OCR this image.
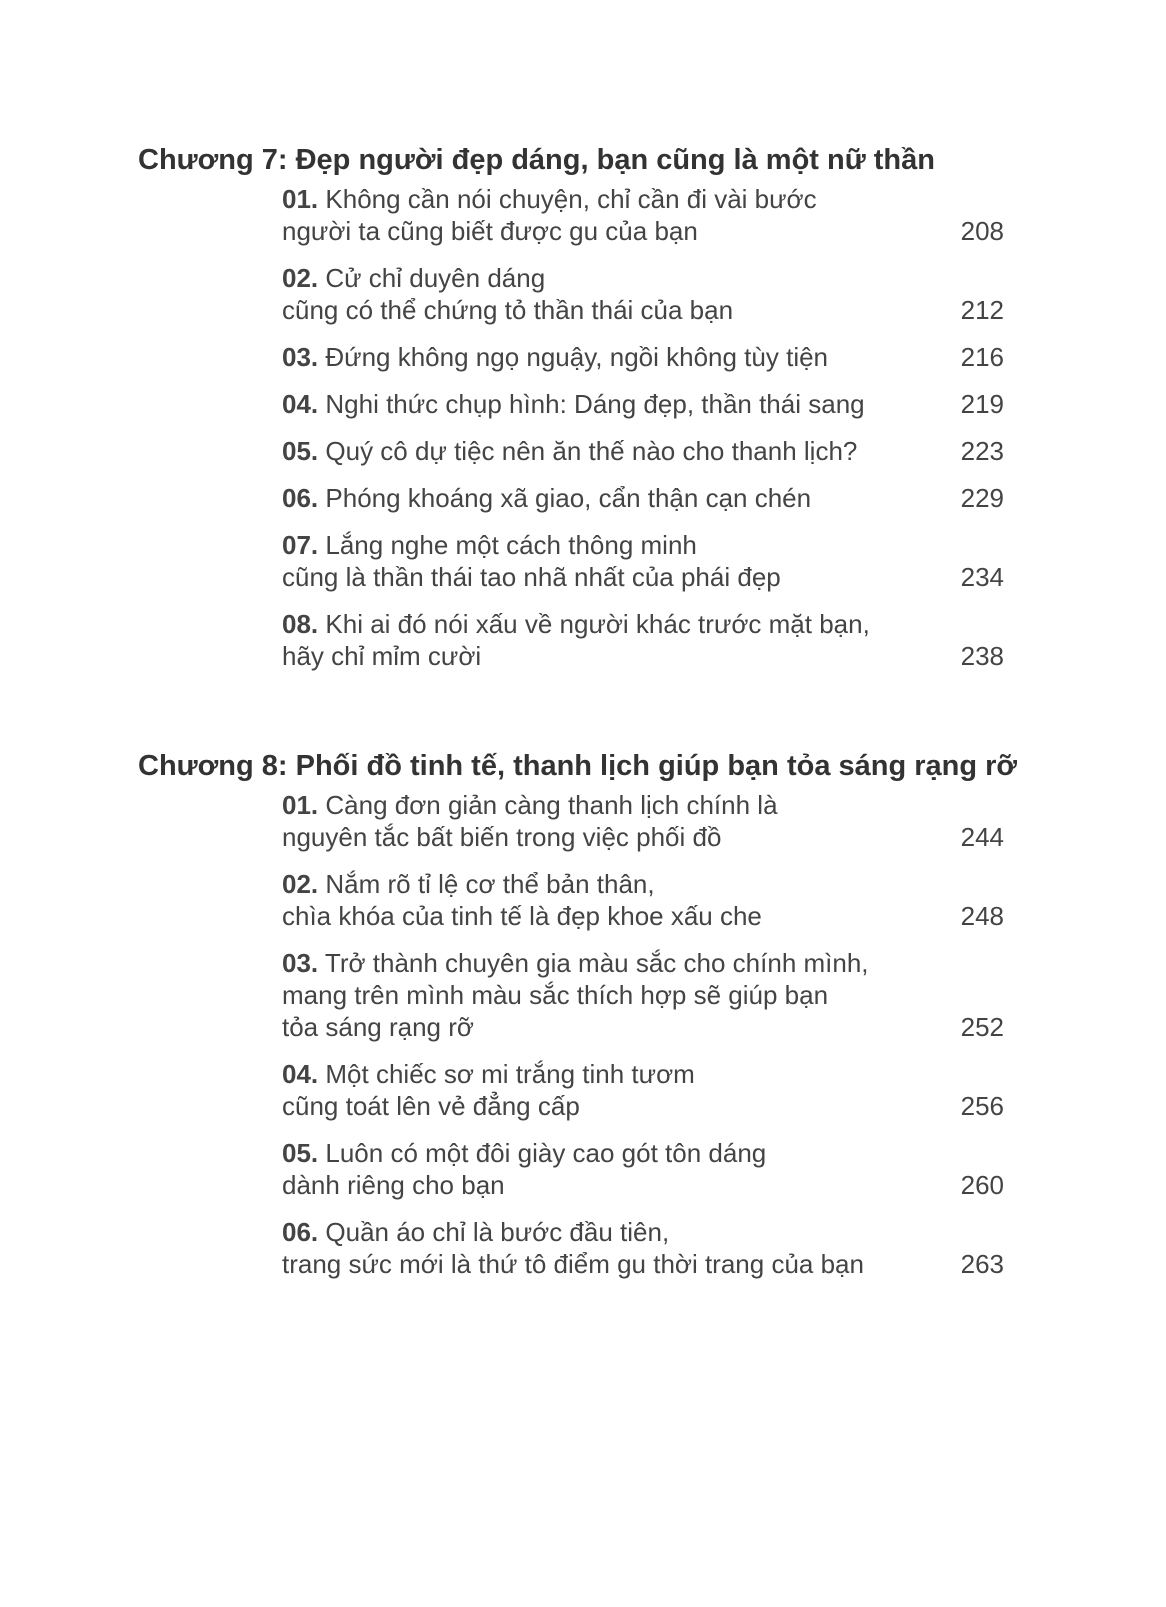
Chương 7: Đẹp người đẹp dáng, bạn cũng là một nữ thần
01. Không cần nói chuyện, chỉ cần đi vài bước
người ta cũng biết được gu của bạn	208
02. Cử chỉ duyên dáng
cũng có thể chứng tỏ thần thái của bạn	212
03. Đứng không ngọ nguậy, ngồi không tùy tiện	216
04. Nghi thức chụp hình: Dáng đẹp, thần thái sang	219
05. Quý cô dự tiệc nên ăn thế nào cho thanh lịch?	223
06. Phóng khoáng xã giao, cẩn thận cạn chén	229
07. Lắng nghe một cách thông minh
cũng là thần thái tao nhã nhất của phái đẹp	234
08. Khi ai đó nói xấu về người khác trước mặt bạn,
hãy chỉ mỉm cười	238
Chương 8: Phối đồ tinh tế, thanh lịch giúp bạn tỏa sáng rạng rỡ
01. Càng đơn giản càng thanh lịch chính là
nguyên tắc bất biến trong việc phối đồ	244
02. Nắm rõ tỉ lệ cơ thể bản thân,
chìa khóa của tinh tế là đẹp khoe xấu che	248
03. Trở thành chuyên gia màu sắc cho chính mình,
mang trên mình màu sắc thích hợp sẽ giúp bạn
tỏa sáng rạng rỡ	252
04. Một chiếc sơ mi trắng tinh tươm
cũng toát lên vẻ đẳng cấp	256
05. Luôn có một đôi giày cao gót tôn dáng
dành riêng cho bạn	260
06. Quần áo chỉ là bước đầu tiên,
trang sức mới là thứ tô điểm gu thời trang của bạn	263
